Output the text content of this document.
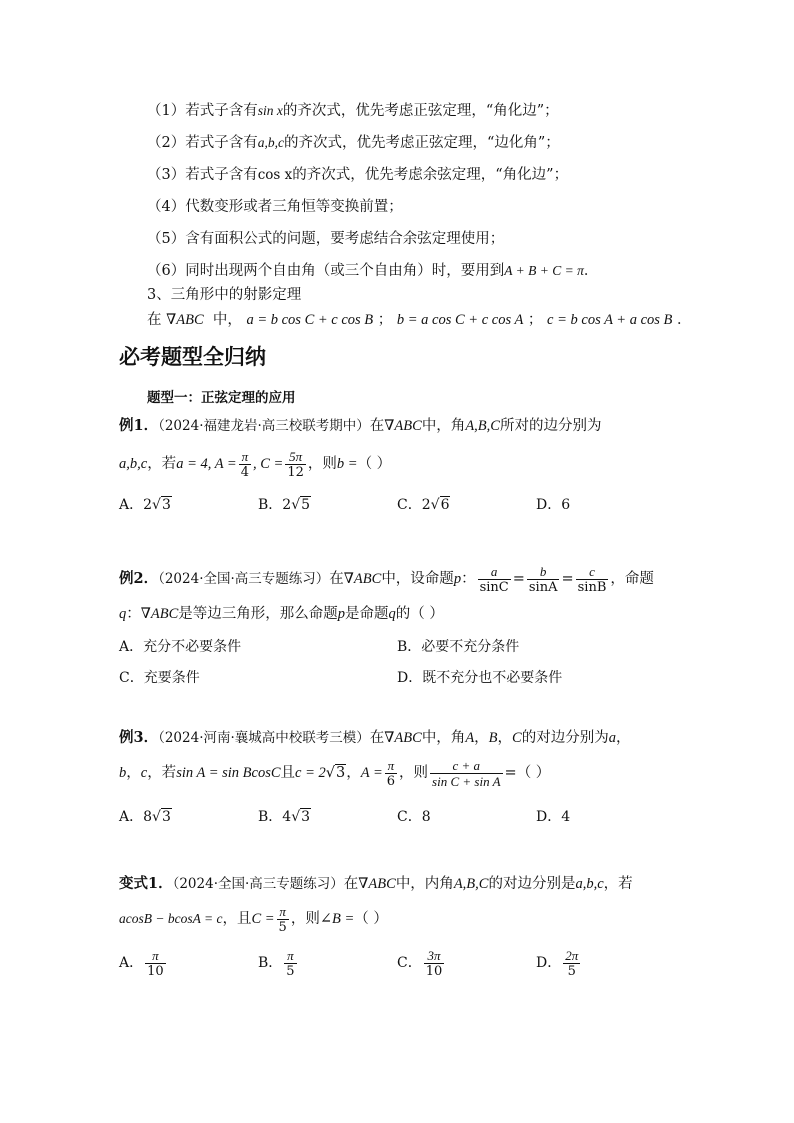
（1）若式子含有sin x的齐次式，优先考虑正弦定理，“角化边”；
（2）若式子含有a,b,c的齐次式，优先考虑正弦定理，“边化角”；
（3）若式子含有cos x的齐次式，优先考虑余弦定理，“角化边”；
（4）代数变形或者三角恒等变换前置；
（5）含有面积公式的问题，要考虑结合余弦定理使用；
（6）同时出现两个自由角（或三个自由角）时，要用到A + B + C = π．
3、三角形中的射影定理
在 ∇ABC 中， a = b cos C + c cos B ； b = a cos C + c cos A ； c = b cos A + a cos B ．
必考题型全归纳
题型一：正弦定理的应用
例1．（2024·福建龙岩·高三校联考期中）在∇ABC中，角A,B,C所对的边分别为
a,b,c，若a = 4, $A = \frac{\pi}{4}$ , $C = \frac{5\pi}{12}$ ，则b =（ ）
A．2√3	B．2√5	C．2√6	D．6
例2．（2024·全国·高三专题练习）在∇ABC中，设命题p： $\frac{a}{\sin C} = \frac{b}{\sin A} = \frac{c}{\sin B}$ ，命题
q：∇ABC是等边三角形，那么命题p是命题q的（ ）
A．充分不必要条件	B．必要不充分条件
C．充要条件	D．既不充分也不必要条件
例3．（2024·河南·襄城高中校联考三模）在∇ABC中，角A，B，C的对边分别为a，
b，c，若sin A = sin BcosC且c = 2√3，$A = \frac{\pi}{6}$ ，则 $\frac{c + a}{\text{sin C + sin A}}$ =（ ）
A．8√3	B．4√3	C．8	D．4
变式1．（2024·全国·高三专题练习）在∇ABC中，内角A,B,C的对边分别是a,b,c，若
acosB − bcosA = c，且$C = \frac{\pi}{5}$ ，则∠B =（ ）
A． $\frac{\pi}{10}$	B． $\frac{\pi}{5}$	C． $\frac{3\pi}{10}$	D． $\frac{2\pi}{5}$
